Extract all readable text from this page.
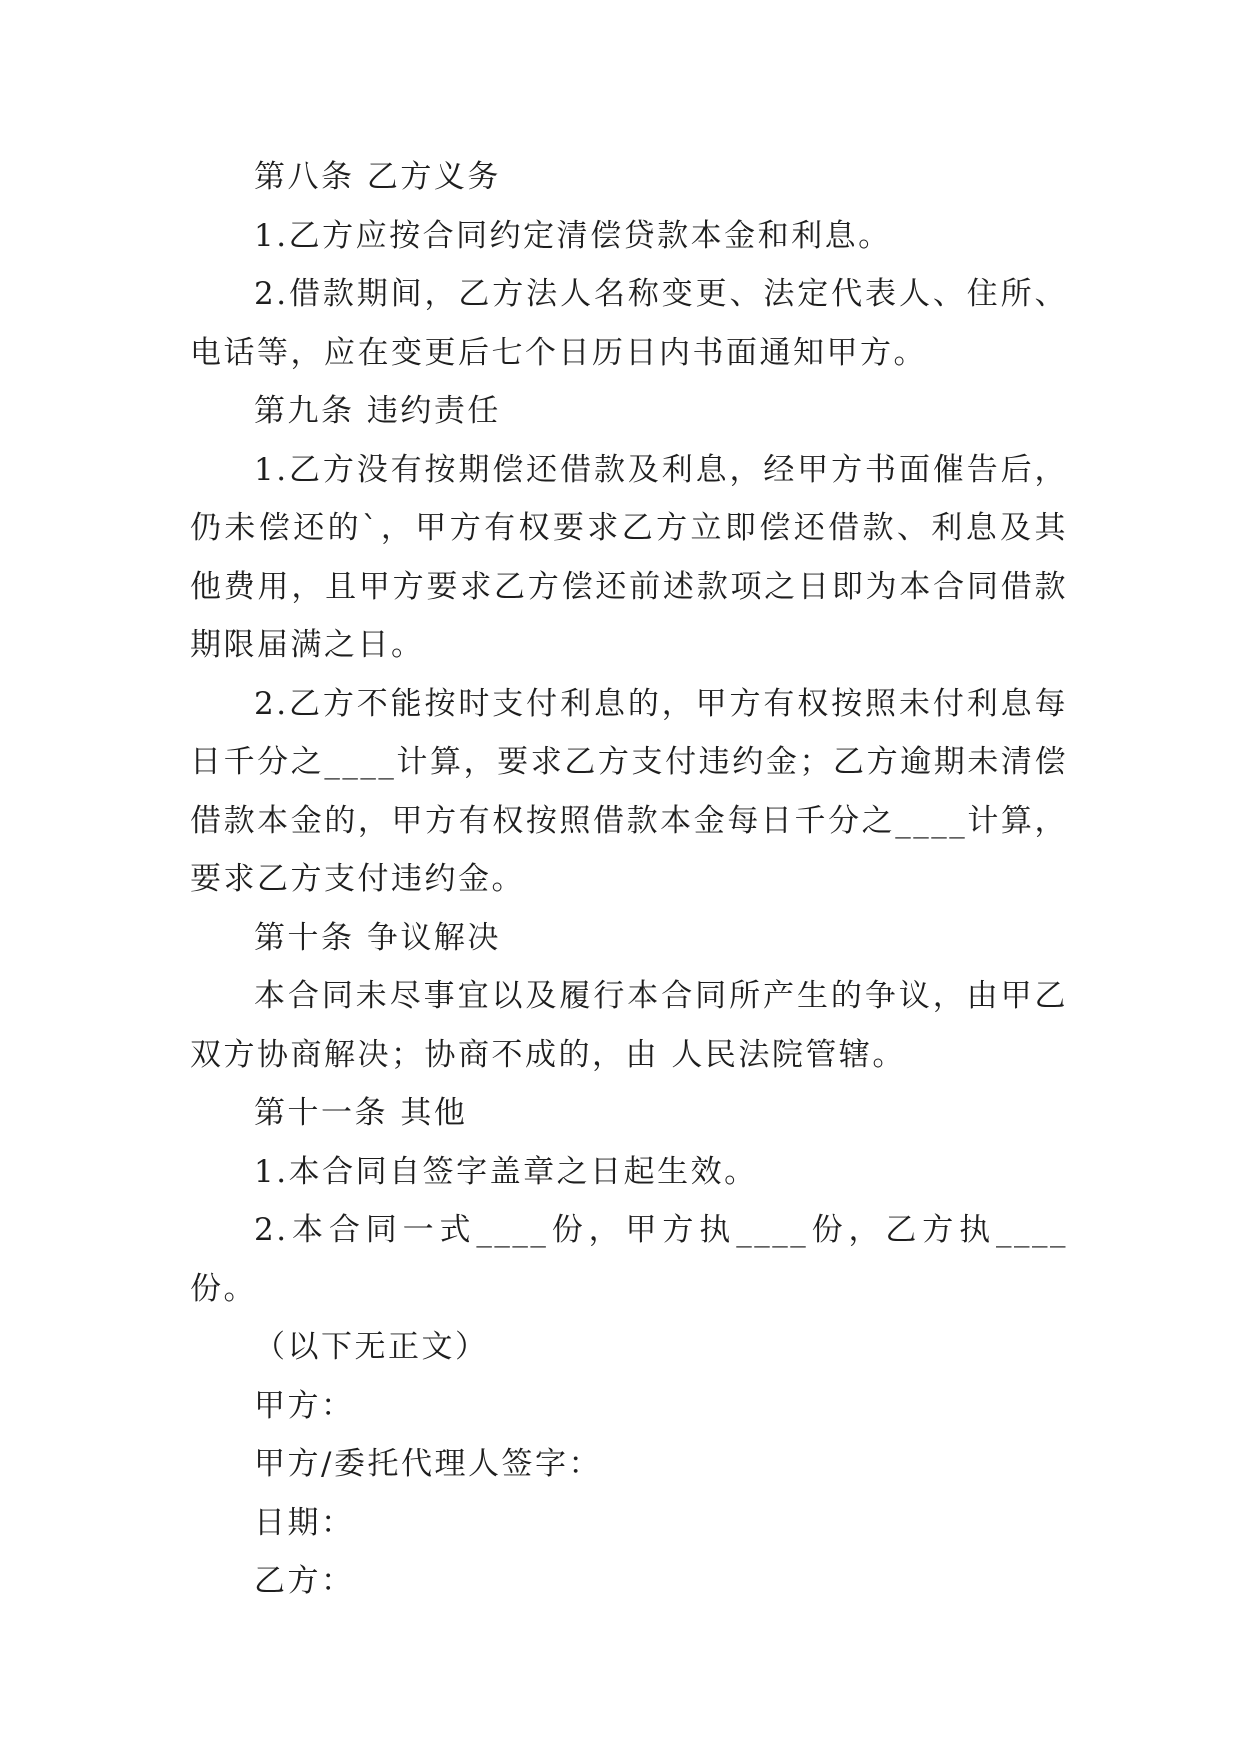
第八条 乙方义务

1.乙方应按合同约定清偿贷款本金和利息。

2.借款期间，乙方法人名称变更、法定代表人、住所、电话等，应在变更后七个日历日内书面通知甲方。

第九条 违约责任

1.乙方没有按期偿还借款及利息，经甲方书面催告后，仍未偿还的`，甲方有权要求乙方立即偿还借款、利息及其他费用，且甲方要求乙方偿还前述款项之日即为本合同借款期限届满之日。

2.乙方不能按时支付利息的，甲方有权按照未付利息每日千分之____计算，要求乙方支付违约金；乙方逾期未清偿借款本金的，甲方有权按照借款本金每日千分之____计算，要求乙方支付违约金。

第十条 争议解决

本合同未尽事宜以及履行本合同所产生的争议，由甲乙双方协商解决；协商不成的，由 人民法院管辖。

第十一条 其他

1.本合同自签字盖章之日起生效。

2.本合同一式____份，甲方执____份，乙方执____份。

（以下无正文）

甲方：

甲方/委托代理人签字：

日期：

乙方：
